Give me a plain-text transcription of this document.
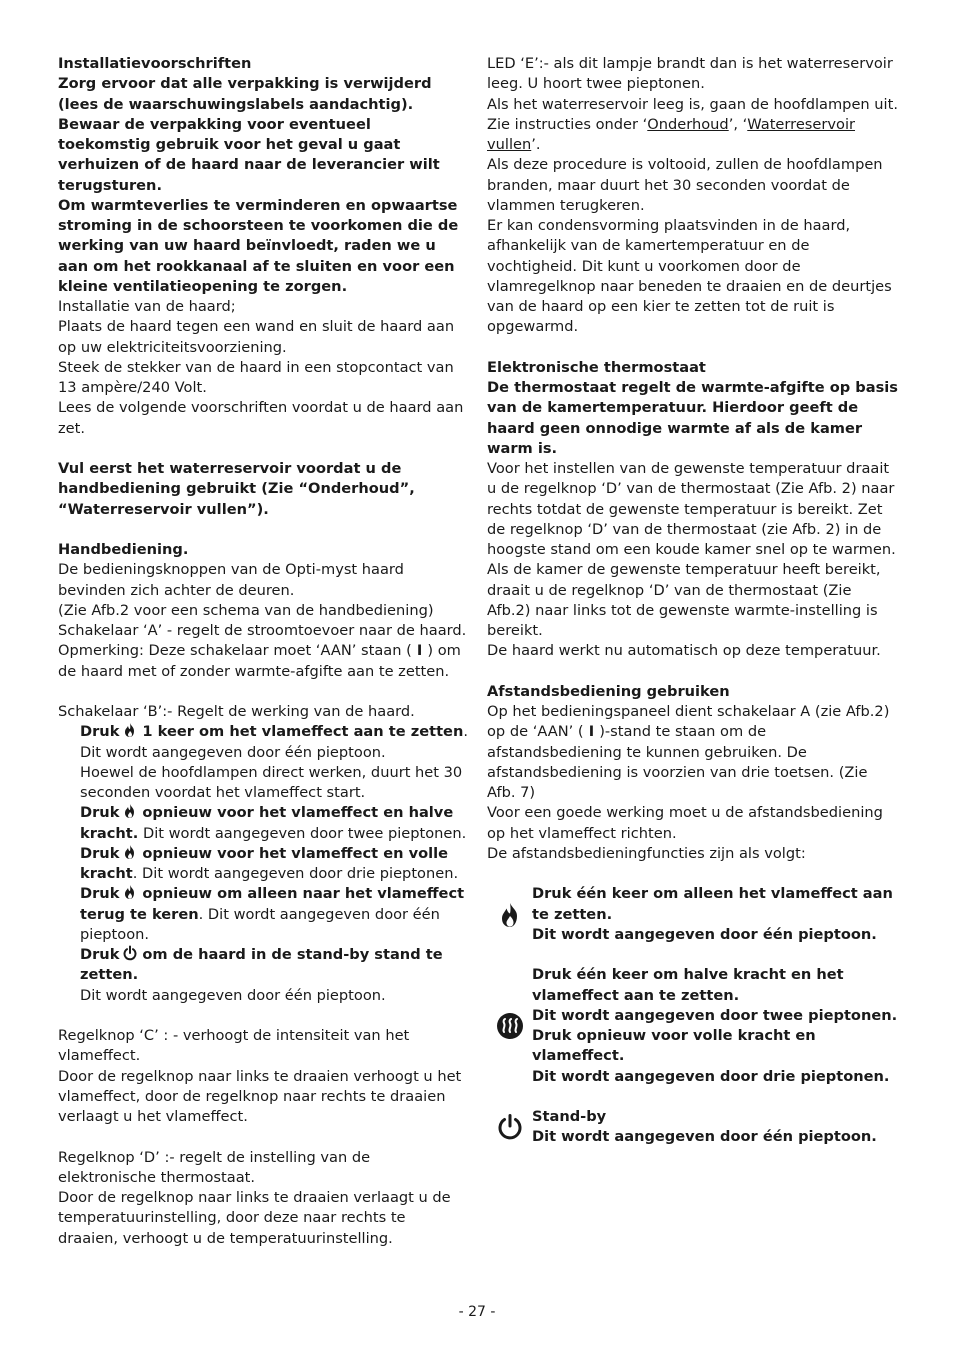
Installatievoorschriften

Zorg ervoor dat alle verpakking is verwijderd (lees de waarschuwingslabels aandachtig).

Bewaar de verpakking voor eventueel toekomstig gebruik voor het geval u gaat verhuizen of de haard naar de leverancier wilt terugsturen.

Om warmteverlies te verminderen en opwaartse stroming in de schoorsteen te voorkomen die de werking van uw haard beïnvloedt, raden we u aan om het rookkanaal af te sluiten en voor een kleine ventilatieopening te zorgen.

Installatie van de haard;

Plaats de haard tegen een wand en sluit de haard aan op uw elektriciteitsvoorziening.

Steek de stekker van de haard in een stopcontact van 13 ampère/240 Volt.

Lees de volgende voorschriften voordat u de haard aan zet.

Vul eerst het waterreservoir voordat u de handbediening gebruikt (Zie “Onderhoud”, “Waterreservoir vullen”).

Handbediening.

De bedieningsknoppen van de Opti-myst haard bevinden zich achter de deuren.

(Zie Afb.2 voor een schema van de handbediening)

Schakelaar ‘A’ - regelt de stroomtoevoer naar de haard.

Opmerking: Deze schakelaar moet ‘AAN’ staan ( I ) om de haard met of zonder warmte-afgifte aan te zetten.

Schakelaar ‘B’:- Regelt de werking van de haard.

Druk 1 keer om het vlameffect aan te zetten. Dit wordt aangegeven door één pieptoon.

Hoewel de hoofdlampen direct werken, duurt het 30 seconden voordat het vlameffect start.

Druk opnieuw voor het vlameffect en halve kracht. Dit wordt aangegeven door twee pieptonen.

Druk opnieuw voor het vlameffect en volle kracht. Dit wordt aangegeven door drie pieptonen.

Druk opnieuw om alleen naar het vlameffect terug te keren. Dit wordt aangegeven door één pieptoon.

Druk om de haard in de stand-by stand te zetten.

Dit wordt aangegeven door één pieptoon.

Regelknop ‘C’ : - verhoogt de intensiteit van het vlameffect.

Door de regelknop naar links te draaien verhoogt u het vlameffect, door de regelknop naar rechts te draaien verlaagt u het vlameffect.

Regelknop ‘D’ :- regelt de instelling van de elektronische thermostaat.

Door de regelknop naar links te draaien verlaagt u de temperatuurinstelling, door deze naar rechts te draaien, verhoogt u de temperatuurinstelling.

LED ‘E’:- als dit lampje brandt dan is het waterreservoir leeg. U hoort twee pieptonen.

Als het waterreservoir leeg is, gaan de hoofdlampen uit. Zie instructies onder ‘Onderhoud’, ‘Waterreservoir vullen’.

Als deze procedure is voltooid, zullen de hoofdlampen branden, maar duurt het 30 seconden voordat de vlammen terugkeren.

Er kan condensvorming plaatsvinden in de haard, afhankelijk van de kamertemperatuur en de vochtigheid. Dit kunt u voorkomen door de vlamregelknop naar beneden te draaien en de deurtjes van de haard op een kier te zetten tot de ruit is opgewarmd.

Elektronische thermostaat

De thermostaat regelt de warmte-afgifte op basis van de kamertemperatuur. Hierdoor geeft de haard geen onnodige warmte af als de kamer warm is.

Voor het instellen van de gewenste temperatuur draait u de regelknop ‘D’ van de thermostaat (Zie Afb. 2) naar rechts totdat de gewenste temperatuur is bereikt. Zet de regelknop ‘D’ van de thermostaat (zie Afb. 2) in de hoogste stand om een koude kamer snel op te warmen. Als de kamer de gewenste temperatuur heeft bereikt, draait u de regelknop ‘D’ van de thermostaat (Zie Afb.2) naar links tot de gewenste warmte-instelling is bereikt.

De haard werkt nu automatisch op deze temperatuur.

Afstandsbediening gebruiken

Op het bedieningspaneel dient schakelaar A (zie Afb.2) op de ‘AAN’ ( I )-stand te staan om de afstandsbediening te kunnen gebruiken. De afstandsbediening is voorzien van drie toetsen. (Zie Afb. 7)

Voor een goede werking moet u de afstandsbediening op het vlameffect richten.

De afstandsbedieningfuncties zijn als volgt:

Druk één keer om alleen het vlameffect aan te zetten.

Dit wordt aangegeven door één pieptoon.

Druk één keer om halve kracht en het vlameffect aan te zetten.

Dit wordt aangegeven door twee pieptonen.

Druk opnieuw voor volle kracht en vlameffect.

Dit wordt aangegeven door drie pieptonen.

Stand-by

Dit wordt aangegeven door één pieptoon.

- 27 -
